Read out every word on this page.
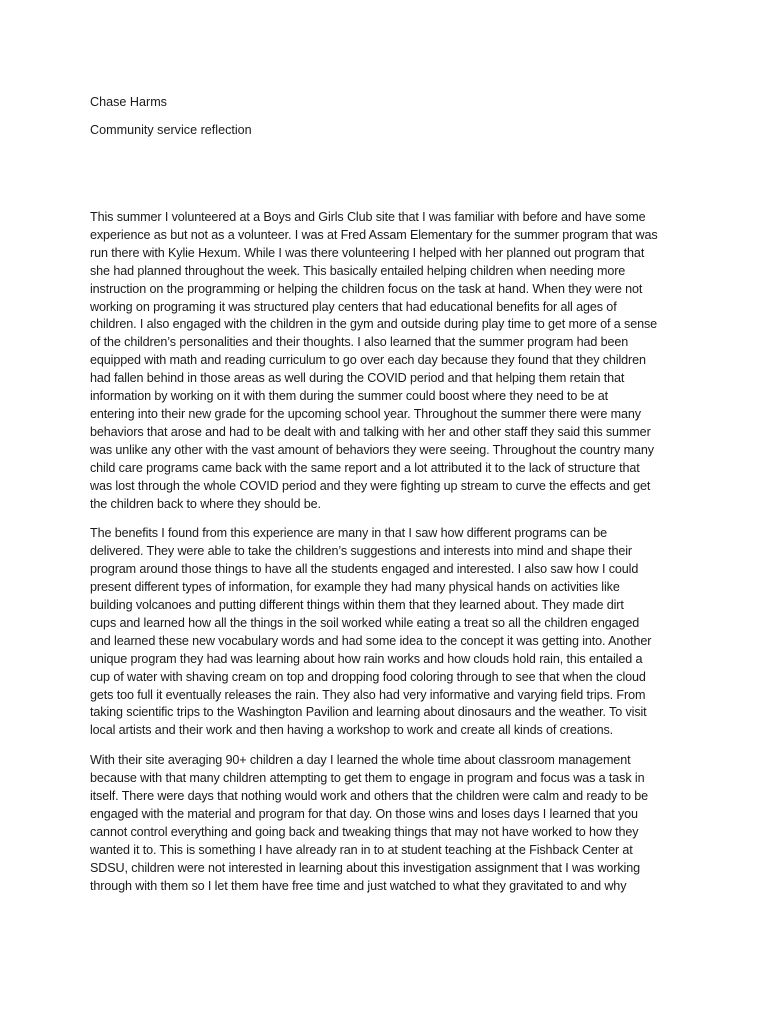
Chase Harms
Community service reflection
This summer I volunteered at a Boys and Girls Club site that I was familiar with before and have some
experience as but not as a volunteer. I was at Fred Assam Elementary for the summer program that was
run there with Kylie Hexum. While I was there volunteering I helped with her planned out program that
she had planned throughout the week. This basically entailed helping children when needing more
instruction on the programming or helping the children focus on the task at hand. When they were not
working on programing it was structured play centers that had educational benefits for all ages of
children. I also engaged with the children in the gym and outside during play time to get more of a sense
of the children’s personalities and their thoughts. I also learned that the summer program had been
equipped with math and reading curriculum to go over each day because they found that they children
had fallen behind in those areas as well during the COVID period and that helping them retain that
information by working on it with them during the summer could boost where they need to be at
entering into their new grade for the upcoming school year. Throughout the summer there were many
behaviors that arose and had to be dealt with and talking with her and other staff they said this summer
was unlike any other with the vast amount of behaviors they were seeing. Throughout the country many
child care programs came back with the same report and a lot attributed it to the lack of structure that
was lost through the whole COVID period and they were fighting up stream to curve the effects and get
the children back to where they should be.
The benefits I found from this experience are many in that I saw how different programs can be
delivered. They were able to take the children’s suggestions and interests into mind and shape their
program around those things to have all the students engaged and interested. I also saw how I could
present different types of information, for example they had many physical hands on activities like
building volcanoes and putting different things within them that they learned about. They made dirt
cups and learned how all the things in the soil worked while eating a treat so all the children engaged
and learned these new vocabulary words and had some idea to the concept it was getting into. Another
unique program they had was learning about how rain works and how clouds hold rain, this entailed a
cup of water with shaving cream on top and dropping food coloring through to see that when the cloud
gets too full it eventually releases the rain. They also had very informative and varying field trips. From
taking scientific trips to the Washington Pavilion and learning about dinosaurs and the weather. To visit
local artists and their work and then having a workshop to work and create all kinds of creations.
With their site averaging 90+ children a day I learned the whole time about classroom management
because with that many children attempting to get them to engage in program and focus was a task in
itself. There were days that nothing would work and others that the children were calm and ready to be
engaged with the material and program for that day. On those wins and loses days I learned that you
cannot control everything and going back and tweaking things that may not have worked to how they
wanted it to. This is something I have already ran in to at student teaching at the Fishback Center at
SDSU, children were not interested in learning about this investigation assignment that I was working
through with them so I let them have free time and just watched to what they gravitated to and why
